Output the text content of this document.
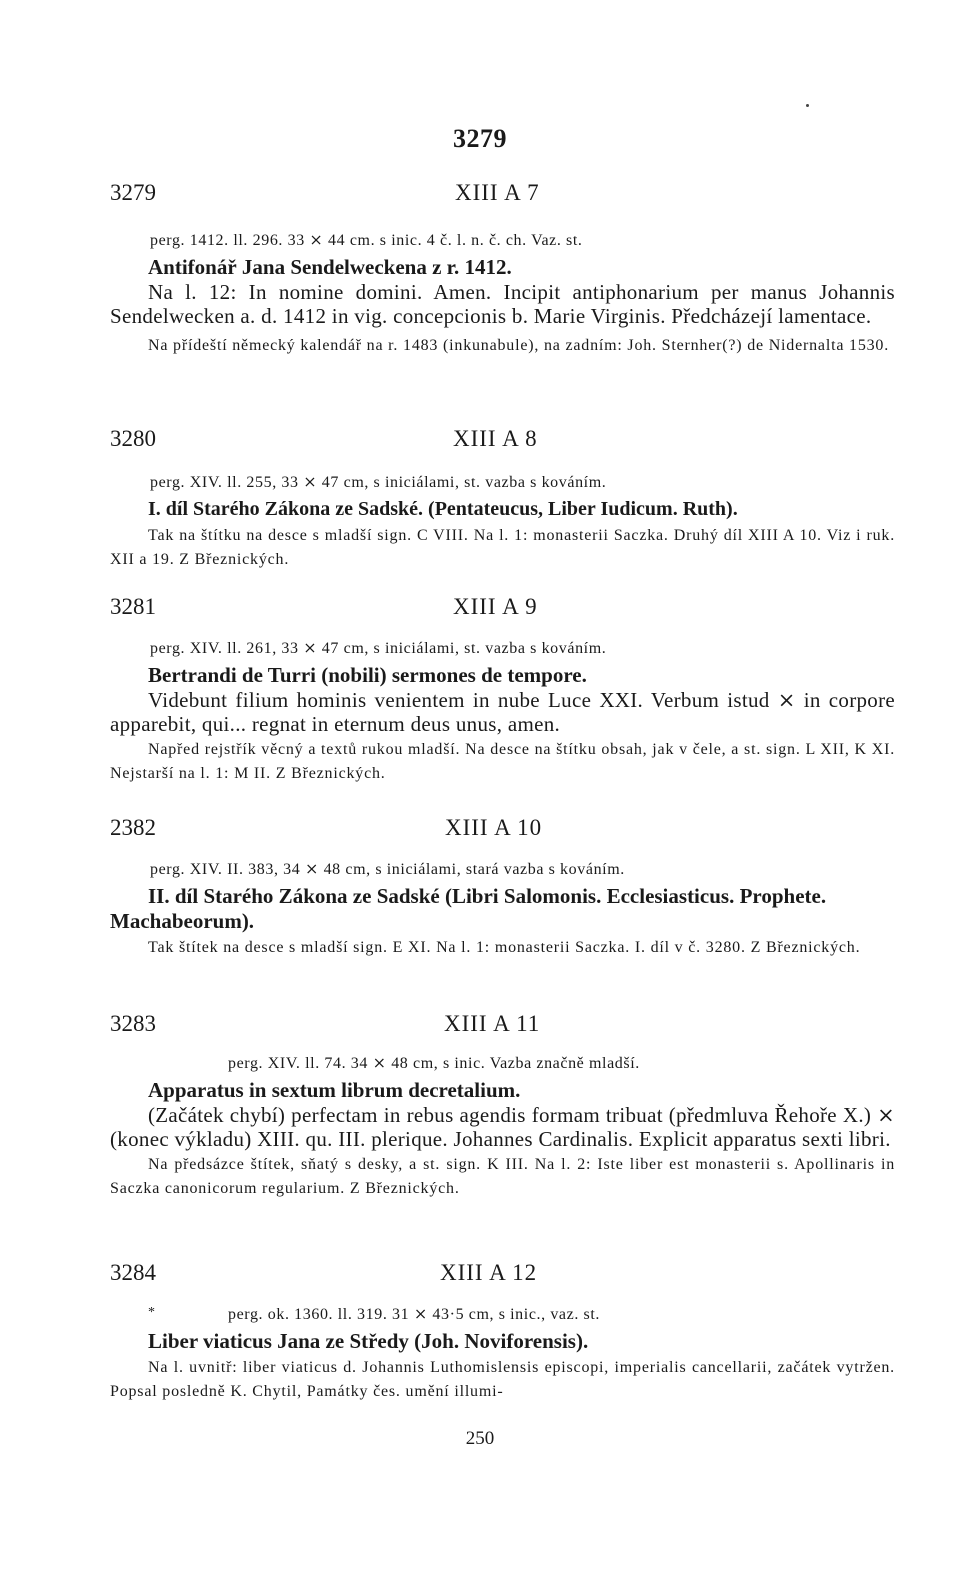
3279
3279	XIII A 7
perg. 1412. ll. 296. 33 ⨯ 44 cm. s inic. 4 č. l. n. č. ch. Vaz. st.
Antifonář Jana Sendelweckena z r. 1412.
Na l. 12: In nomine domini. Amen. Incipit antiphonarium per manus Johannis Sendelwecken a. d. 1412 in vig. concepcionis b. Marie Virginis. Předcházejí lamentace.
Na přídeští německý kalendář na r. 1483 (inkunabule), na zadním: Joh. Sternher(?) de Nidernalta 1530.
3280	XIII A 8
perg. XIV. ll. 255, 33 ⨯ 47 cm, s iniciálami, st. vazba s kováním.
I. díl Starého Zákona ze Sadské. (Pentateucus, Liber Iudicum. Ruth).
Tak na štítku na desce s mladší sign. C VIII. Na l. 1: monasterii Saczka. Druhý díl XIII A 10. Viz i ruk. XII a 19. Z Březnických.
3281	XIII A 9
perg. XIV. ll. 261, 33 ⨯ 47 cm, s iniciálami, st. vazba s kováním.
Bertrandi de Turri (nobili) sermones de tempore.
Videbunt filium hominis venientem in nube Luce XXI. Verbum istud ⨯ in corpore apparebit, qui... regnat in eternum deus unus, amen.
Napřed rejstřík věcný a textů rukou mladší. Na desce na štítku obsah, jak v čele, a st. sign. L XII, K XI. Nejstarší na l. 1: M II. Z Březnických.
2382	XIII A 10
perg. XIV. II. 383, 34 ⨯ 48 cm, s iniciálami, stará vazba s kováním.
II. díl Starého Zákona ze Sadské (Libri Salomonis. Ecclesiasticus. Prophete. Machabeorum).
Tak štítek na desce s mladší sign. E XI. Na l. 1: monasterii Saczka. I. díl v č. 3280. Z Březnických.
3283	XIII A 11
perg. XIV. ll. 74. 34 ⨯ 48 cm, s inic. Vazba značně mladší.
Apparatus in sextum librum decretalium.
(Začátek chybí) perfectam in rebus agendis formam tribuat (předmluva Řehoře X.) ⨯ (konec výkladu) XIII. qu. III. plerique. Johannes Cardinalis. Explicit apparatus sexti libri.
Na předsázce štítek, sňatý s desky, a st. sign. K III. Na l. 2: Iste liber est monasterii s. Apollinaris in Saczka canonicorum regularium. Z Březnických.
3284	XIII A 12
*	perg. ok. 1360. ll. 319. 31 ⨯ 43·5 cm, s inic., vaz. st.
Liber viaticus Jana ze Středy (Joh. Noviforensis).
Na l. uvnitř: liber viaticus d. Johannis Luthomislensis episcopi, imperialis cancellarii, začátek vytržen. Popsal posledně K. Chytil, Památky čes. umění illumi-
250
